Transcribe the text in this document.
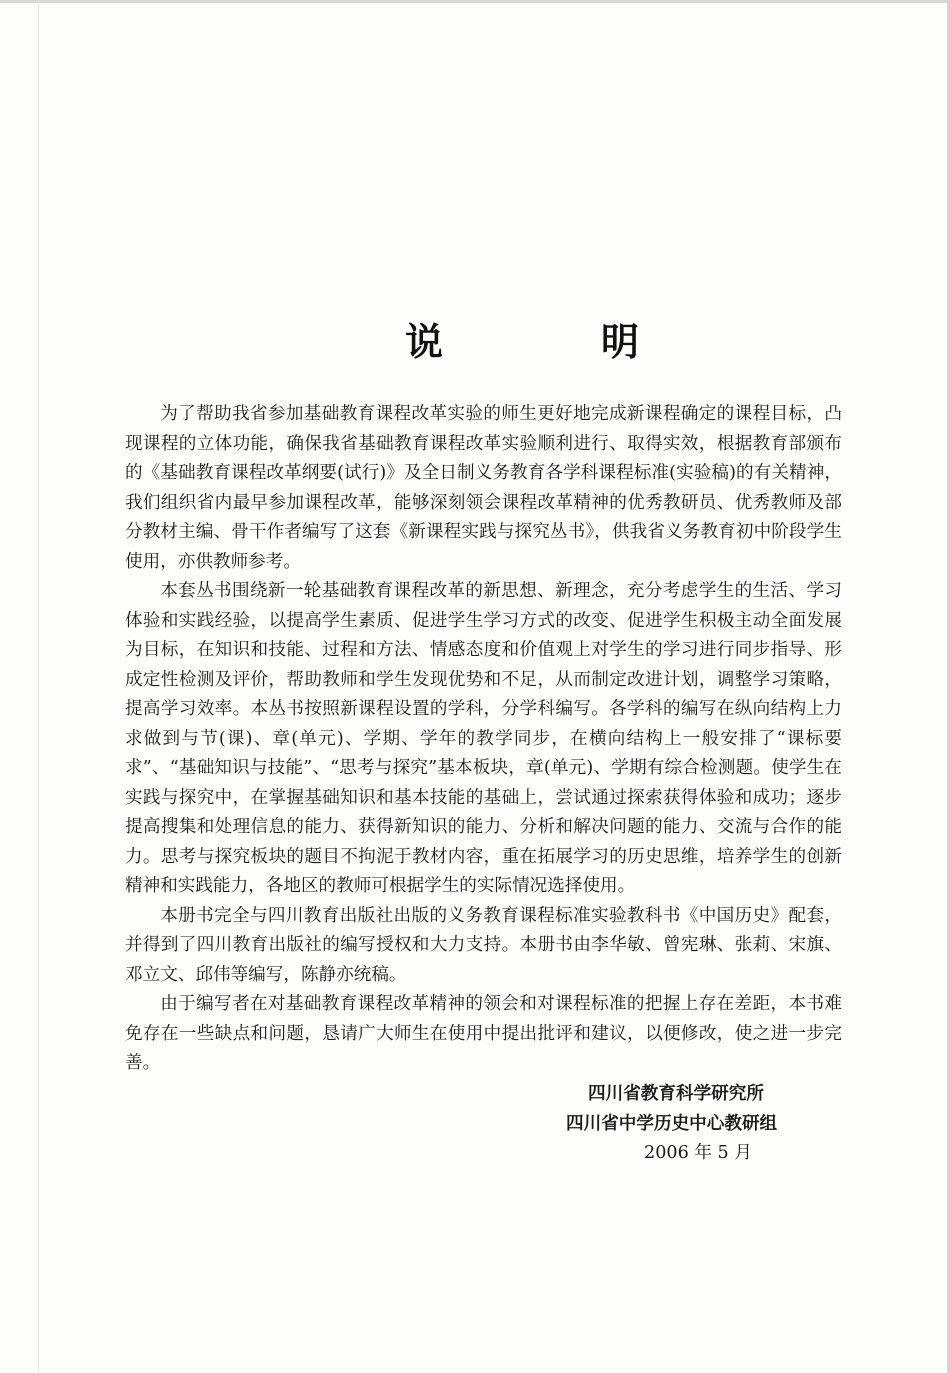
说　明

为了帮助我省参加基础教育课程改革实验的师生更好地完成新课程确定的课程目标，凸现课程的立体功能，确保我省基础教育课程改革实验顺利进行、取得实效，根据教育部颁布的《基础教育课程改革纲要(试行)》及全日制义务教育各学科课程标准(实验稿)的有关精神，我们组织省内最早参加课程改革，能够深刻领会课程改革精神的优秀教研员、优秀教师及部分教材主编、骨干作者编写了这套《新课程实践与探究丛书》，供我省义务教育初中阶段学生使用，亦供教师参考。

本套丛书围绕新一轮基础教育课程改革的新思想、新理念，充分考虑学生的生活、学习体验和实践经验，以提高学生素质、促进学生学习方式的改变、促进学生积极主动全面发展为目标，在知识和技能、过程和方法、情感态度和价值观上对学生的学习进行同步指导、形成定性检测及评价，帮助教师和学生发现优势和不足，从而制定改进计划，调整学习策略，提高学习效率。本丛书按照新课程设置的学科，分学科编写。各学科的编写在纵向结构上力求做到与节(课)、章(单元)、学期、学年的教学同步，在横向结构上一般安排了“课标要求”、“基础知识与技能”、“思考与探究”基本板块，章(单元)、学期有综合检测题。使学生在实践与探究中，在掌握基础知识和基本技能的基础上，尝试通过探索获得体验和成功；逐步提高搜集和处理信息的能力、获得新知识的能力、分析和解决问题的能力、交流与合作的能力。思考与探究板块的题目不拘泥于教材内容，重在拓展学习的历史思维，培养学生的创新精神和实践能力，各地区的教师可根据学生的实际情况选择使用。

本册书完全与四川教育出版社出版的义务教育课程标准实验教科书《中国历史》配套，并得到了四川教育出版社的编写授权和大力支持。本册书由李华敏、曾宪琳、张莉、宋旗、邓立文、邱伟等编写，陈静亦统稿。

由于编写者在对基础教育课程改革精神的领会和对课程标准的把握上存在差距，本书难免存在一些缺点和问题，恳请广大师生在使用中提出批评和建议，以便修改，使之进一步完善。

四川省教育科学研究所
四川省中学历史中心教研组
2006 年 5 月
